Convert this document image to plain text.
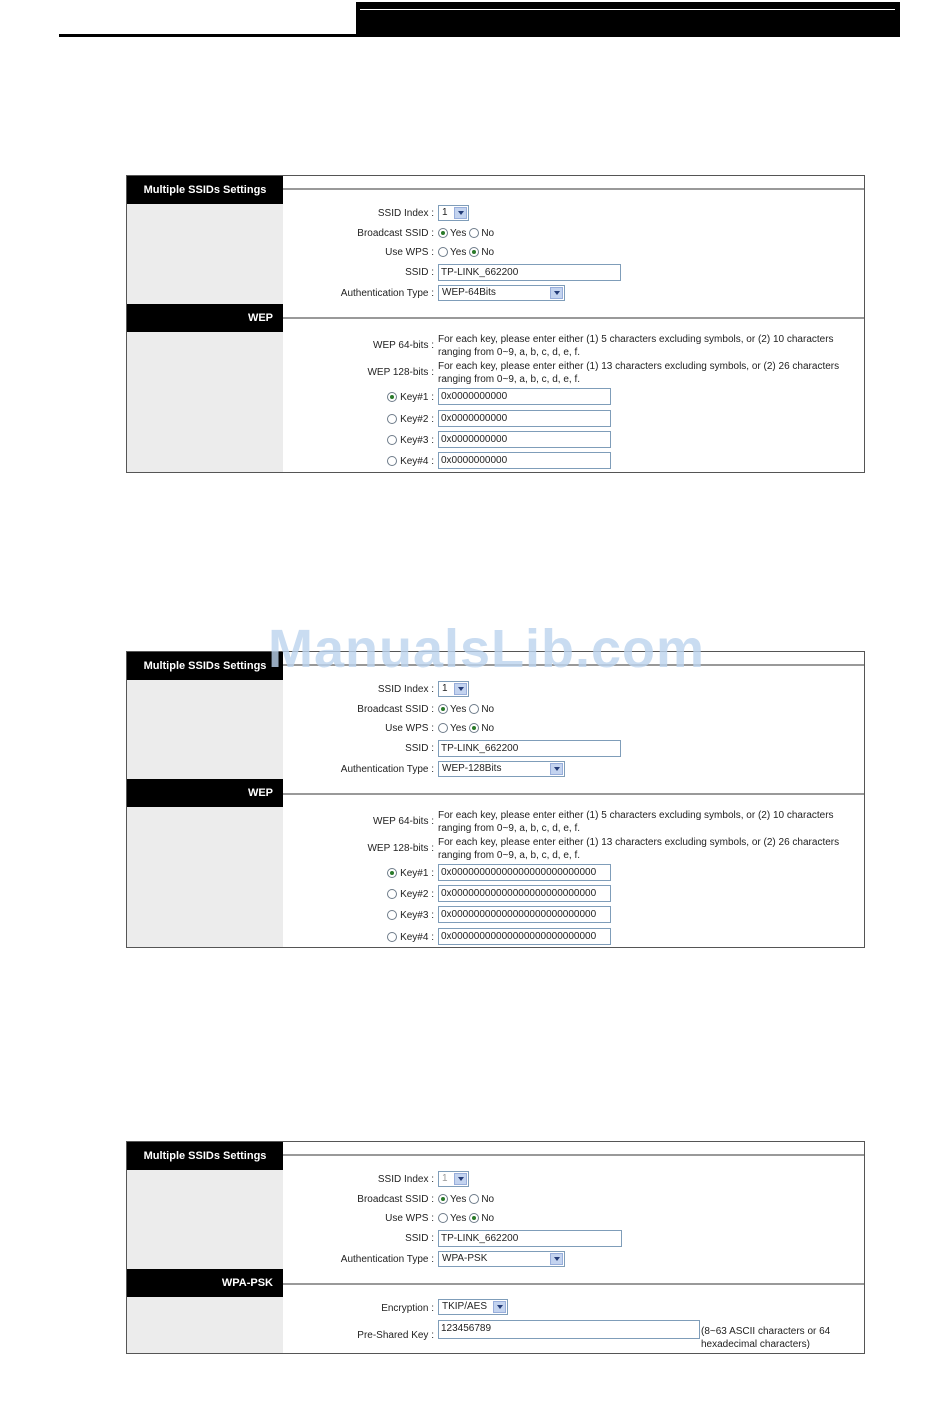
Multiple SSIDs Settings
SSID Index : 1
Broadcast SSID :	Yes No
Use WPS :	Yes No
SSID : TP-LINK_662200
Authentication Type : WEP-64Bits
WEP
WEP 64-bits :
For each key, please enter either (1) 5 characters excluding symbols, or (2) 10 characters ranging from 0~9, a, b, c, d, e, f.
WEP 128-bits :
For each key, please enter either (1) 13 characters excluding symbols, or (2) 26 characters ranging from 0~9, a, b, c, d, e, f.
Key#1 : 0x0000000000
Key#2 : 0x0000000000
Key#3 : 0x0000000000
Key#4 : 0x0000000000
Multiple SSIDs Settings
SSID Index : 1
Broadcast SSID :	Yes No
Use WPS :	Yes No
SSID : TP-LINK_662200
Authentication Type : WEP-128Bits
WEP
WEP 64-bits :
For each key, please enter either (1) 5 characters excluding symbols, or (2) 10 characters ranging from 0~9, a, b, c, d, e, f.
WEP 128-bits :
For each key, please enter either (1) 13 characters excluding symbols, or (2) 26 characters ranging from 0~9, a, b, c, d, e, f.
Key#1 : 0x00000000000000000000000000
Key#2 : 0x00000000000000000000000000
Key#3 : 0x00000000000000000000000000
Key#4 : 0x00000000000000000000000000
Multiple SSIDs Settings
SSID Index : 1
Broadcast SSID :	Yes No
Use WPS :	Yes No
SSID : TP-LINK_662200
Authentication Type : WPA-PSK
WPA-PSK
Encryption : TKIP/AES
Pre-Shared Key :
123456789	(8~63 ASCII characters or 64 hexadecimal characters)
ManualsLib.com
